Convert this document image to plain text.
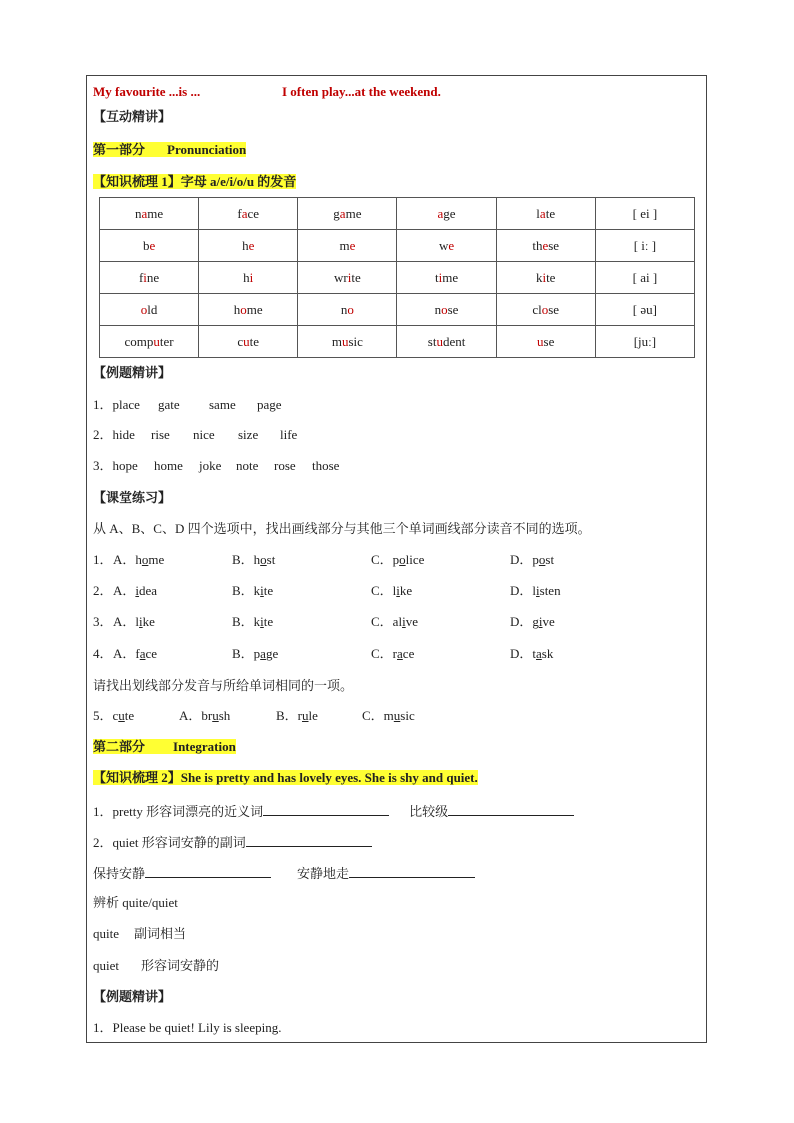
My favourite ...is ...	I often play...at the weekend.
【互动精讲】
第一部分 Pronunciation
【知识梳理 1】字母 a/e/i/o/u 的发音
name	face	game	age	late	[ ei ]
be	he	me	we	these	[ iː ]
fine	hi	write	time	kite	[ ai ]
old	home	no	nose	close	[ əu]
computer	cute	music	student	use	[juː]
【例题精讲】
1．place gate same page
2．hide rise nice size life
3．hope home joke note rose those
【课堂练习】
从 A、B、C、D 四个选项中，找出画线部分与其他三个单词画线部分读音不同的选项。
1．A．home	B．host	C．police	D．post
2．A．idea	B．kite	C．like	D．listen
3．A．like	B．kite	C．alive	D．give
4．A．face	B．page	C．race	D．task
请找出划线部分发音与所给单词相同的一项。
5．cute	A．brush	B．rule	C．music
第二部分 Integration
【知识梳理 2】She is pretty and has lovely eyes. She is shy and quiet.
1．pretty 形容词漂亮的近义词	比较级
2．quiet 形容词安静的副词
保持安静	安静地走
辨析 quite/quiet
quite 副词相当
quiet 形容词安静的
【例题精讲】
1．Please be quiet! Lily is sleeping.
